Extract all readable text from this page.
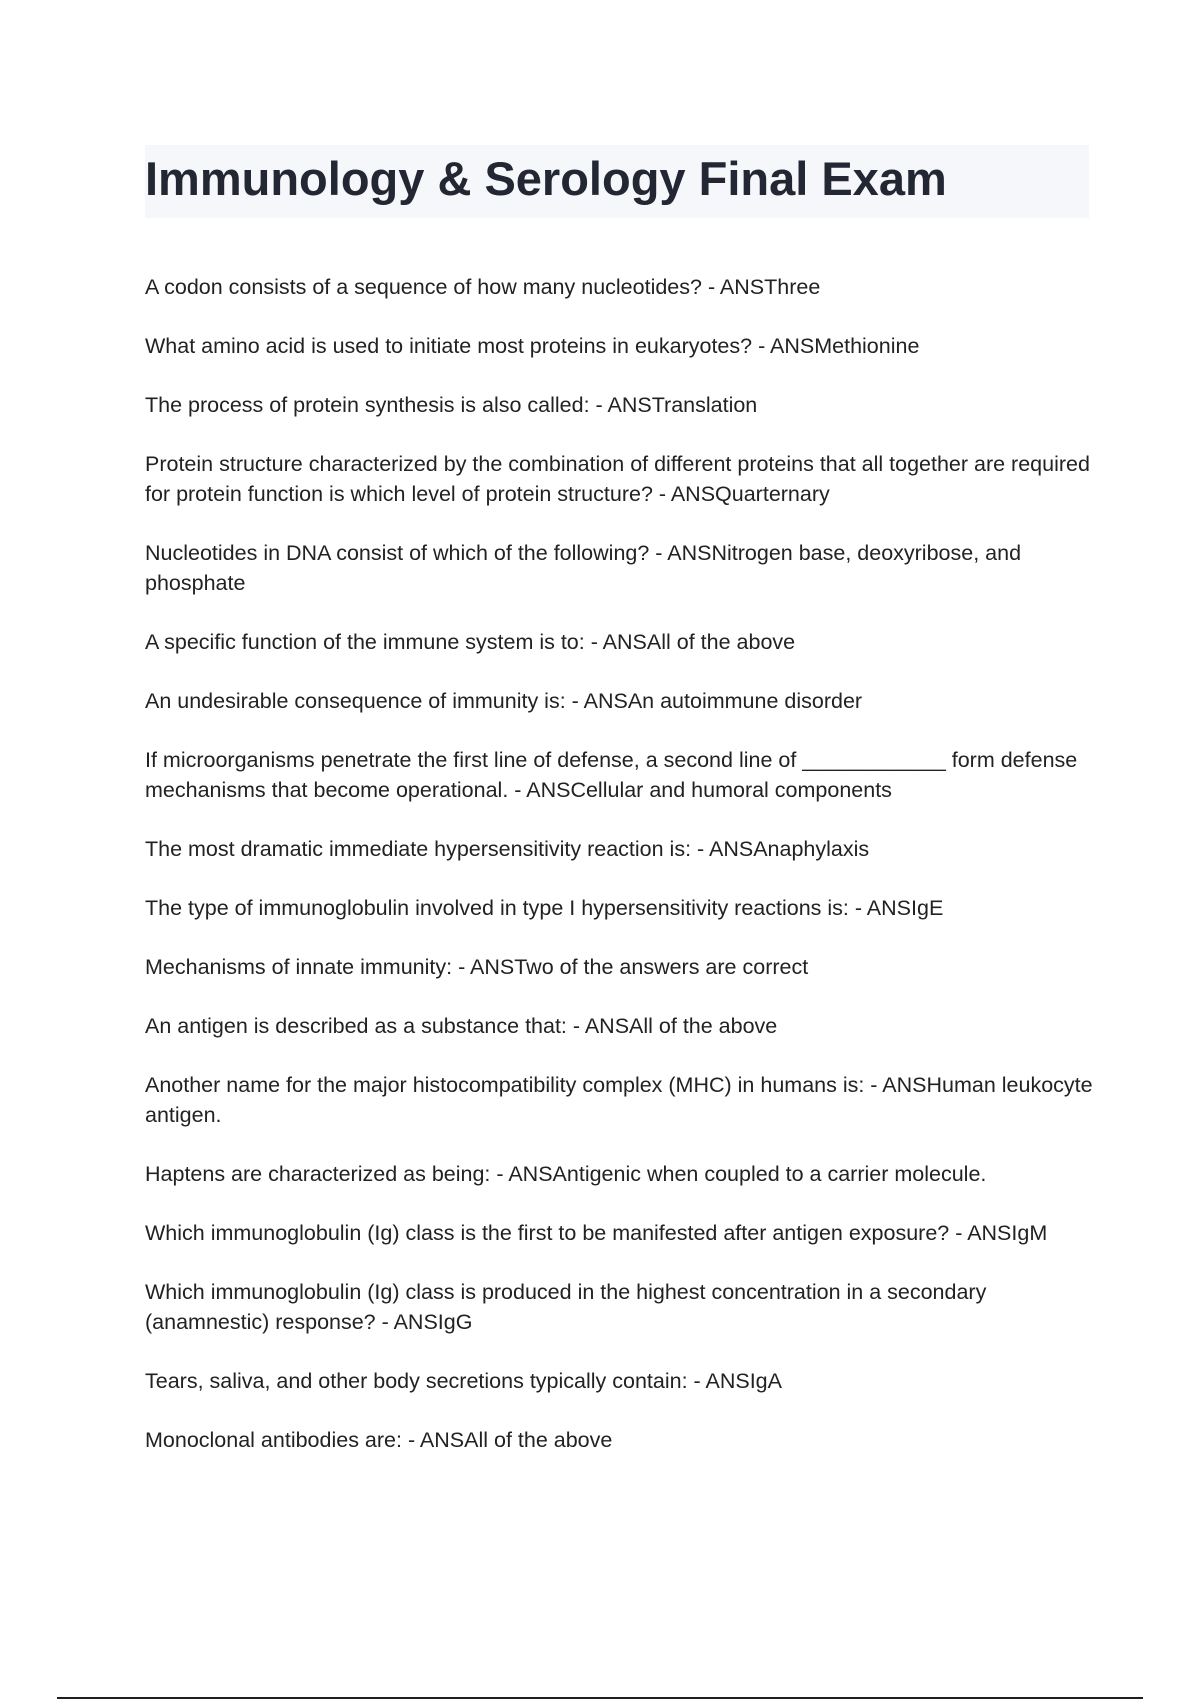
Immunology & Serology Final Exam

A codon consists of a sequence of how many nucleotides? - ANSThree

What amino acid is used to initiate most proteins in eukaryotes? - ANSMethionine

The process of protein synthesis is also called: - ANSTranslation

Protein structure characterized by the combination of different proteins that all together are required for protein function is which level of protein structure? - ANSQuarternary

Nucleotides in DNA consist of which of the following? - ANSNitrogen base, deoxyribose, and phosphate

A specific function of the immune system is to: - ANSAll of the above

An undesirable consequence of immunity is: - ANSAn autoimmune disorder

If microorganisms penetrate the first line of defense, a second line of ____________ form defense mechanisms that become operational. - ANSCellular and humoral components

The most dramatic immediate hypersensitivity reaction is: - ANSAnaphylaxis

The type of immunoglobulin involved in type I hypersensitivity reactions is: - ANSIgE

Mechanisms of innate immunity: - ANSTwo of the answers are correct

An antigen is described as a substance that: - ANSAll of the above

Another name for the major histocompatibility complex (MHC) in humans is: - ANSHuman leukocyte antigen.

Haptens are characterized as being: - ANSAntigenic when coupled to a carrier molecule.

Which immunoglobulin (Ig) class is the first to be manifested after antigen exposure? - ANSIgM

Which immunoglobulin (Ig) class is produced in the highest concentration in a secondary (anamnestic) response? - ANSIgG

Tears, saliva, and other body secretions typically contain: - ANSIgA

Monoclonal antibodies are: - ANSAll of the above
